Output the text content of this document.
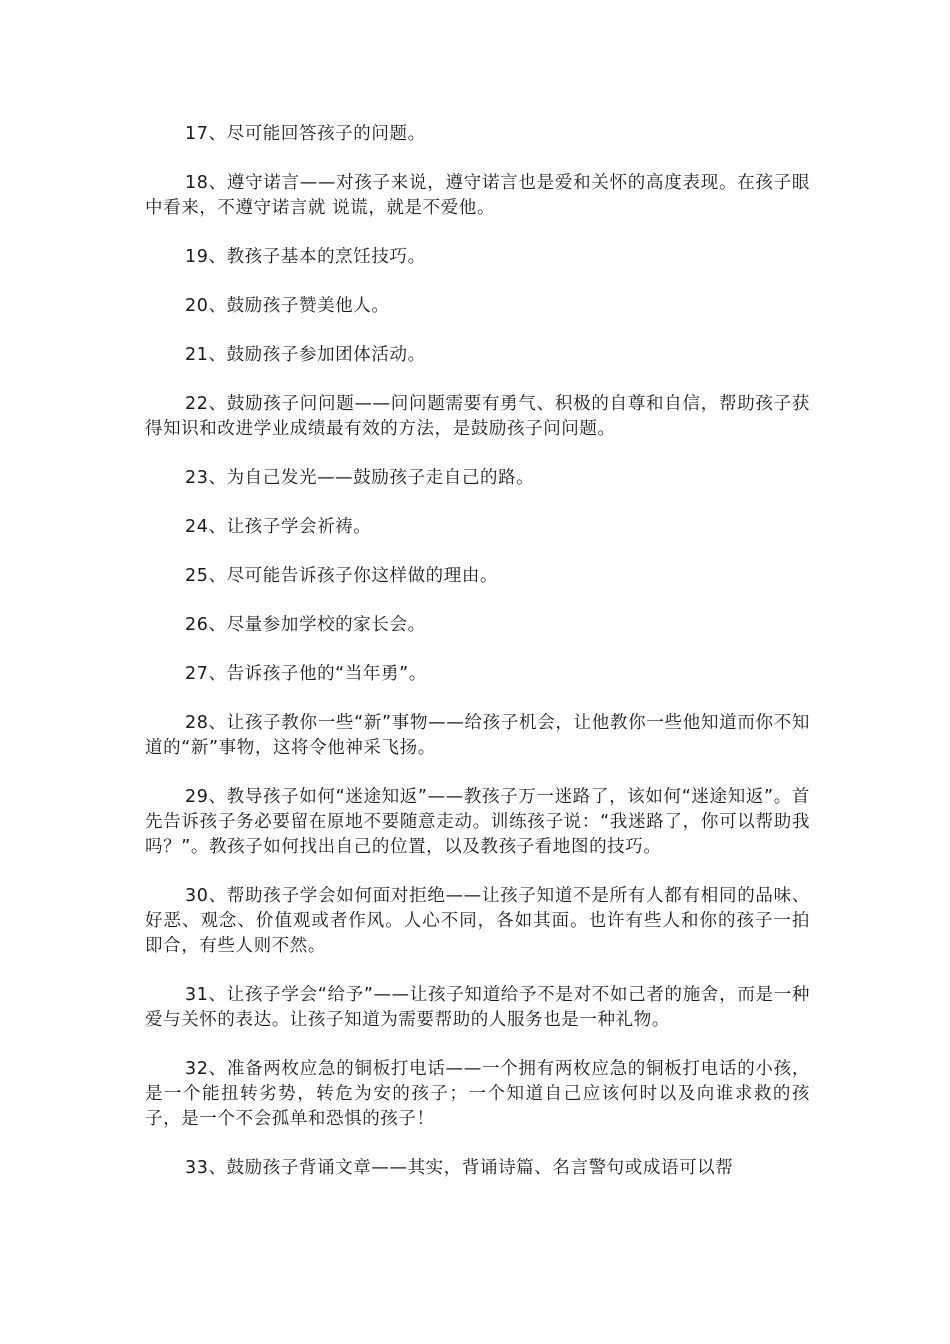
17、尽可能回答孩子的问题。

18、遵守诺言——对孩子来说，遵守诺言也是爱和关怀的高度表现。在孩子眼中看来，不遵守诺言就 说谎，就是不爱他。

19、教孩子基本的烹饪技巧。

20、鼓励孩子赞美他人。

21、鼓励孩子参加团体活动。

22、鼓励孩子问问题——问问题需要有勇气、积极的自尊和自信，帮助孩子获得知识和改进学业成绩最有效的方法，是鼓励孩子问问题。

23、为自己发光——鼓励孩子走自己的路。

24、让孩子学会祈祷。

25、尽可能告诉孩子你这样做的理由。

26、尽量参加学校的家长会。

27、告诉孩子他的“当年勇”。

28、让孩子教你一些“新”事物——给孩子机会，让他教你一些他知道而你不知道的“新”事物，这将令他神采飞扬。

29、教导孩子如何“迷途知返”——教孩子万一迷路了，该如何“迷途知返”。首先告诉孩子务必要留在原地不要随意走动。训练孩子说：“我迷路了，你可以帮助我吗？”。教孩子如何找出自己的位置，以及教孩子看地图的技巧。

30、帮助孩子学会如何面对拒绝——让孩子知道不是所有人都有相同的品味、好恶、观念、价值观或者作风。人心不同，各如其面。也许有些人和你的孩子一拍即合，有些人则不然。

31、让孩子学会“给予”——让孩子知道给予不是对不如己者的施舍，而是一种爱与关怀的表达。让孩子知道为需要帮助的人服务也是一种礼物。

32、准备两枚应急的铜板打电话——一个拥有两枚应急的铜板打电话的小孩，是一个能扭转劣势，转危为安的孩子；一个知道自己应该何时以及向谁求救的孩子，是一个不会孤单和恐惧的孩子！

33、鼓励孩子背诵文章——其实，背诵诗篇、名言警句或成语可以帮
